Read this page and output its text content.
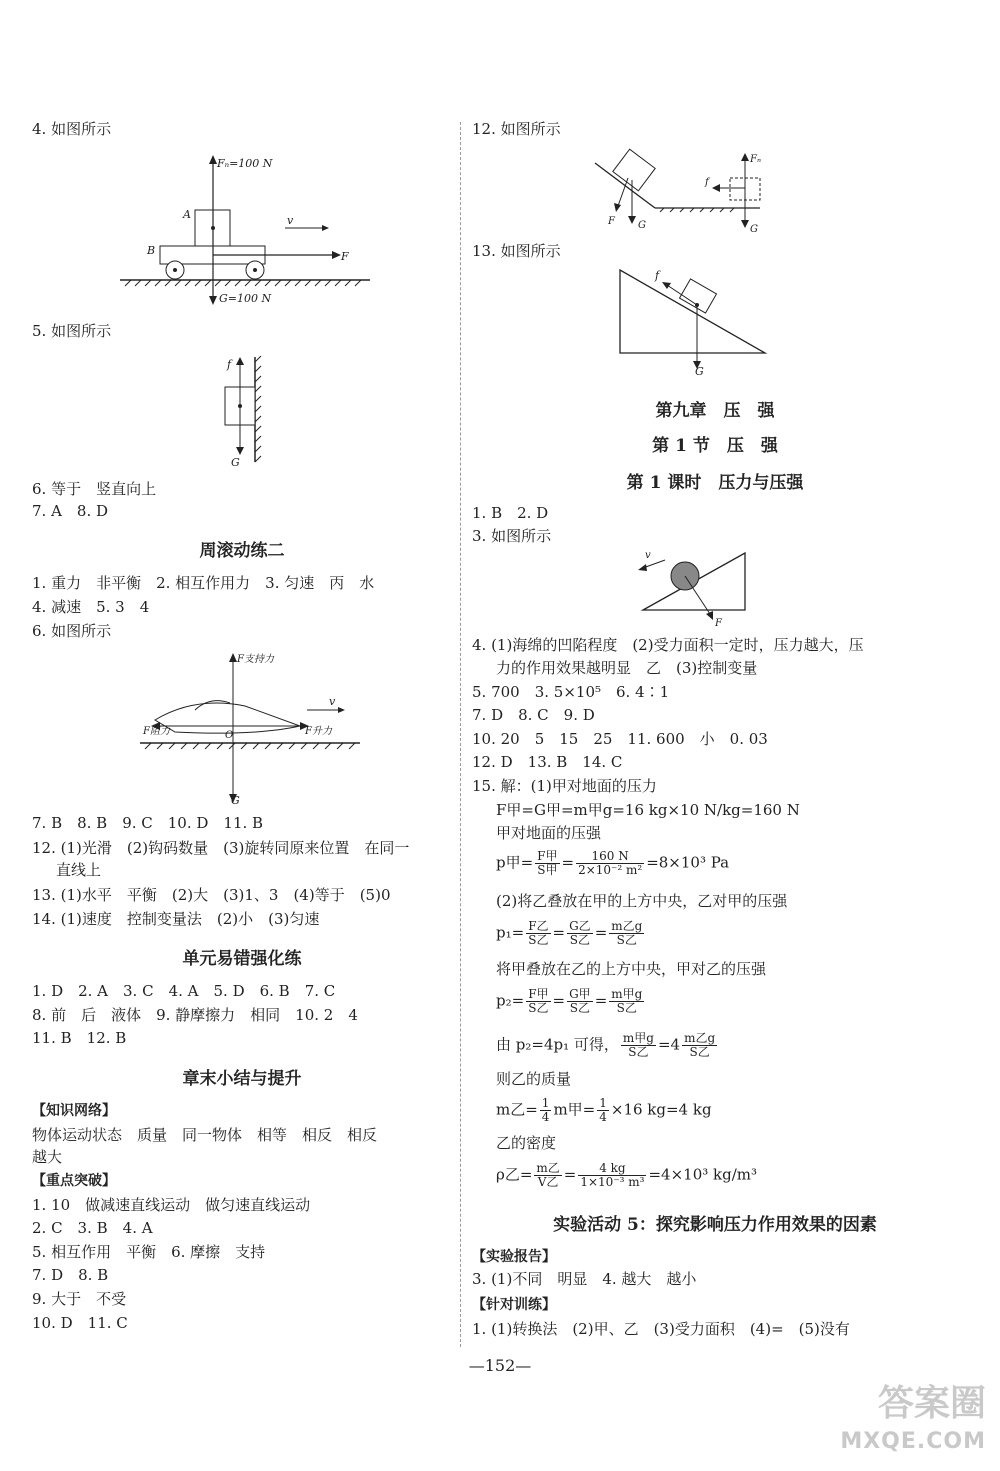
4. 如图所示
Fₙ=100 N
G=100 N
A
B
v
F
5. 如图所示
f
G
6. 等于　竖直向上
7. A　8. D
周滚动练二
1. 重力　非平衡　2. 相互作用力　3. 匀速　丙　水
4. 减速　5. 3　4
6. 如图所示
F支持力
F阻力	F升力
G
v
O
7. B　8. B　9. C　10. D　11. B
12. (1)光滑　(2)钩码数量　(3)旋转同原来位置　在同一
直线上
13. (1)水平　平衡　(2)大　(3)1、3　(4)等于　(5)0
14. (1)速度　控制变量法　(2)小　(3)匀速
单元易错强化练
1. D　2. A　3. C　4. A　5. D　6. B　7. C
8. 前　后　液体　9. 静摩擦力　相同　10. 2　4
11. B　12. B
章末小结与提升
【知识网络】
物体运动状态　质量　同一物体　相等　相反　相反
越大
【重点突破】
1. 10　做减速直线运动　做匀速直线运动
2. C　3. B　4. A
5. 相互作用　平衡　6. 摩擦　支持
7. D　8. B
9. 大于　不受
10. D　11. C
12. 如图所示
Fₙ
f
G
G
F
13. 如图所示
f
G
第九章　压　强
第 1 节　压　强
第 1 课时　压力与压强
1. B　2. D
3. 如图所示
v
F
4. (1)海绵的凹陷程度　(2)受力面积一定时，压力越大，压
力的作用效果越明显　乙　(3)控制变量
5. 700　3. 5×10⁵　6. 4∶1
7. D　8. C　9. D
10. 20　5　15　25　11. 600　小　0. 03
12. D　13. B　14. C
15. 解：(1)甲对地面的压力
F甲=G甲=m甲g=16 kg×10 N/kg=160 N
甲对地面的压强
p甲= $\frac{\text{F甲}}{\text{S甲}} = \frac{160 N}{\text{2×10⁻² m²}} =8\times 10^3$ Pa
(2)将乙叠放在甲的上方中央，乙对甲的压强
$p_1= \frac{\text{F乙}}{\text{S乙}} = \frac{\text{G乙}}{\text{S乙}} = \frac{\text{m乙g}}{\text{S乙}}$
将甲叠放在乙的上方中央，甲对乙的压强
$p_2= \frac{\text{F甲}}{\text{S乙}} = \frac{\text{G甲}}{\text{S乙}} = \frac{\text{m甲g}}{\text{S乙}}$
由 p₂=4p₁ 可得， $\frac{\text{m甲g}}{\text{S乙}} =4 \frac{\text{m乙g}}{\text{S乙}}$
则乙的质量
m乙= $\frac{1}{4}$ m甲= $\frac{1}{4} \times 16$ kg=4 kg
乙的密度
ρ乙= $\frac{\text{m乙}}{\text{V乙}} = \frac{4 kg}{\text{1×10⁻³ m³}} =4\times 10^3$ kg/m³
实验活动 5：探究影响压力作用效果的因素
【实验报告】
3. (1)不同　明显　4. 越大　越小
【针对训练】
1. (1)转换法　(2)甲、乙　(3)受力面积　(4)=　(5)没有
—152—
答案圈
MXQE.COM
